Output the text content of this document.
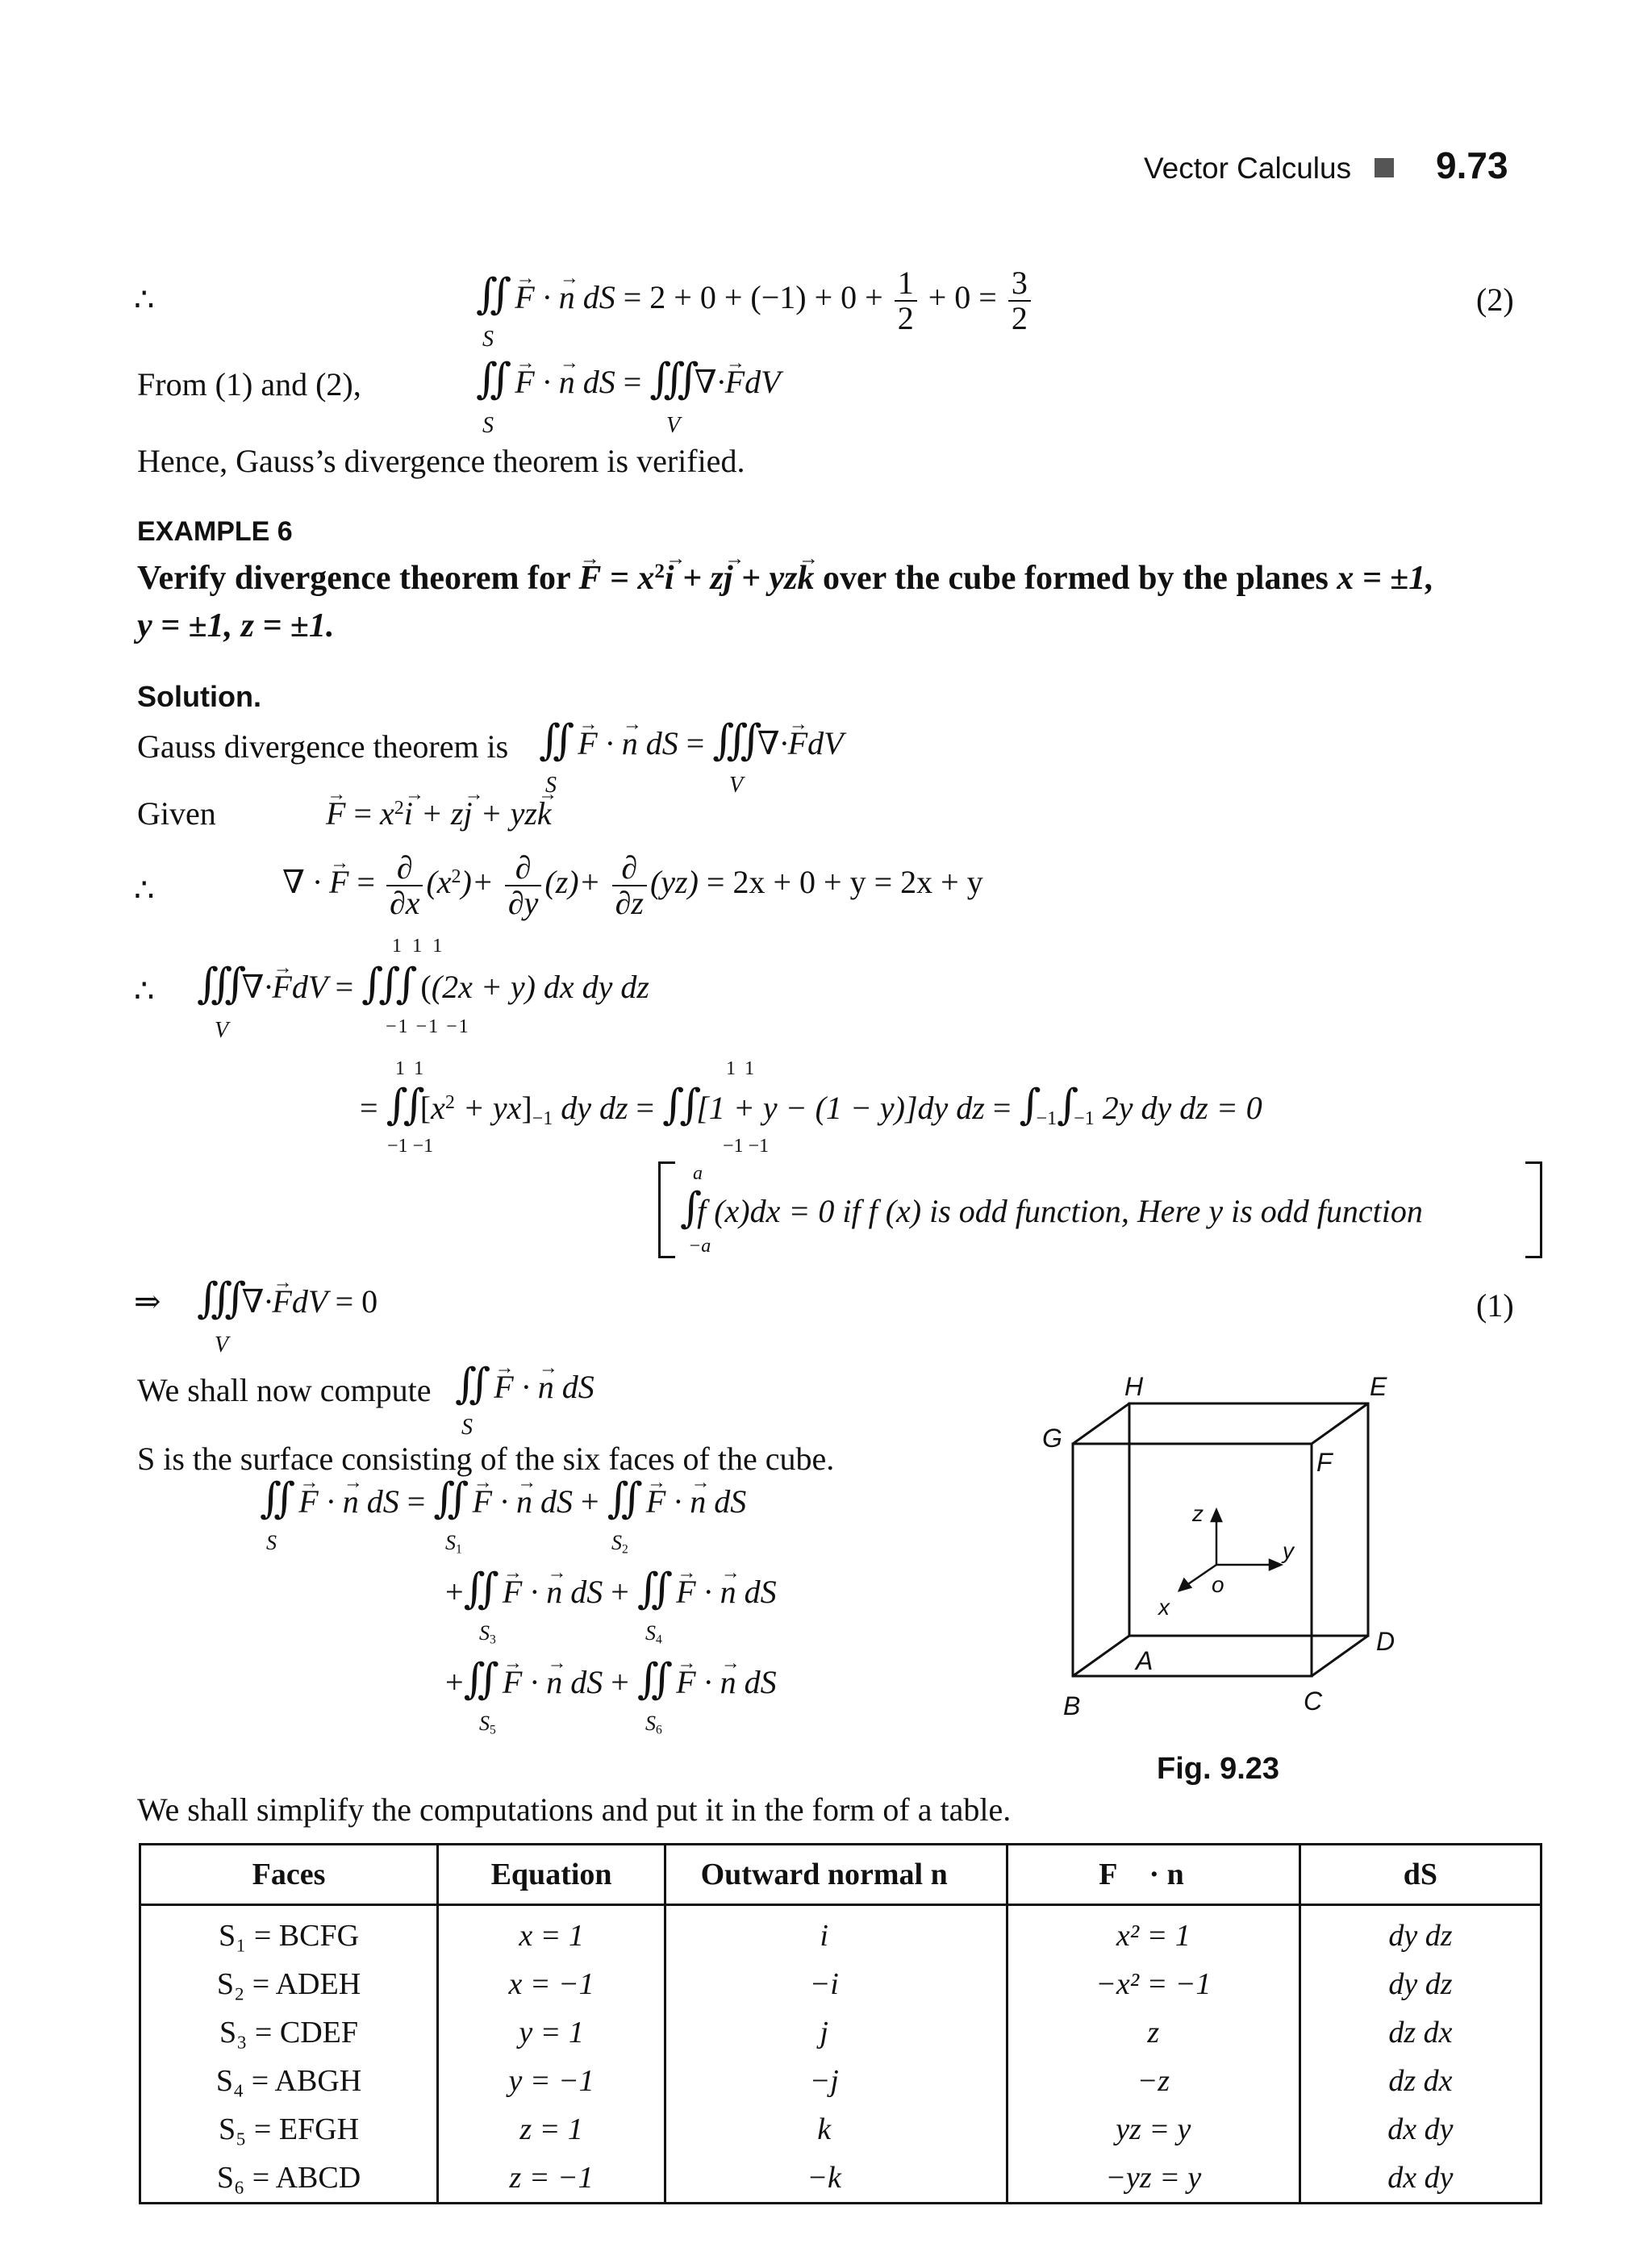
Vector Calculus 9.73
∴	∬ → F · → n dS = $2 + 0 + (-1) + 0 + \frac{1}{2} + 0 = \frac{3}{2}$
S
(2)
From (1) and (2),	∬ → F · → n dS = ∭∇·→ FdV
S	V
Hence, Gauss’s divergence theorem is verified.
EXAMPLE 6
Verify divergence theorem for → $F = x^2\to i + z\to j + yz\to k$ over the cube formed by the planes x = ±1,
y = ±1, z = ±1.
Solution.
Gauss divergence theorem is ∬ → F · → n dS = ∭∇·→ FdV
S	V
Given	→ $F = x^2\to i + z\to j + yz\to k$
∴	∇ · → $F = \frac{\partial}{\partial x} (x^2)+ \frac{\partial}{\partial y} (z)+ \frac{\partial}{\partial z} (yz) = 2x + 0 + y = 2x + y$
∴ ∭∇·→ FdV = ∫∫∫ ((2x + y) dx dy dz
V
111
−1 −1 −1
= $\int\int[x^2 + yx]_{-1}$ dy dz = ∫∫[1 + y − (1 − y)]dy dz = $\int_{-1}\int_{-1}$ 2y dy dz = 0
11
−1 −1
11
−1 −1
∫f (x)dx = 0 if f (x) is odd function, Here y is odd function
a
−a
⇒ ∭∇·→ FdV = 0
V
(1)
We shall now compute ∬ → F · → n dS
S
S is the surface consisting of the six faces of the cube.
∬ → F · → n dS = ∬ → F · → n dS + ∬ → F · → n dS
S	$S_1$	$S_2$
+∬ → F · → n dS + ∬ → F · → n dS
$S_3$	$S_4$
+∬ → F · → n dS + ∬ → F · → n dS
$S_5$	$S_6$
H	E
G
F
A
D
B	C
z
y
x
o
Fig. 9.23
We shall simplify the computations and put it in the form of a table.
Faces	Equation	Outward normal n⃗	F⃗ · n⃗	dS
S₁ = BCFG	x = 1	i⃗	x² = 1	dy dz
S₂ = ADEH	x = −1	−i⃗	−x² = −1	dy dz
S₃ = CDEF	y = 1	j⃗	z	dz dx
S₄ = ABGH	y = −1	−j⃗	−z	dz dx
S₅ = EFGH	z = 1	k⃗	yz = y	dx dy
S₆ = ABCD	z = −1	−k⃗	−yz = y	dx dy
